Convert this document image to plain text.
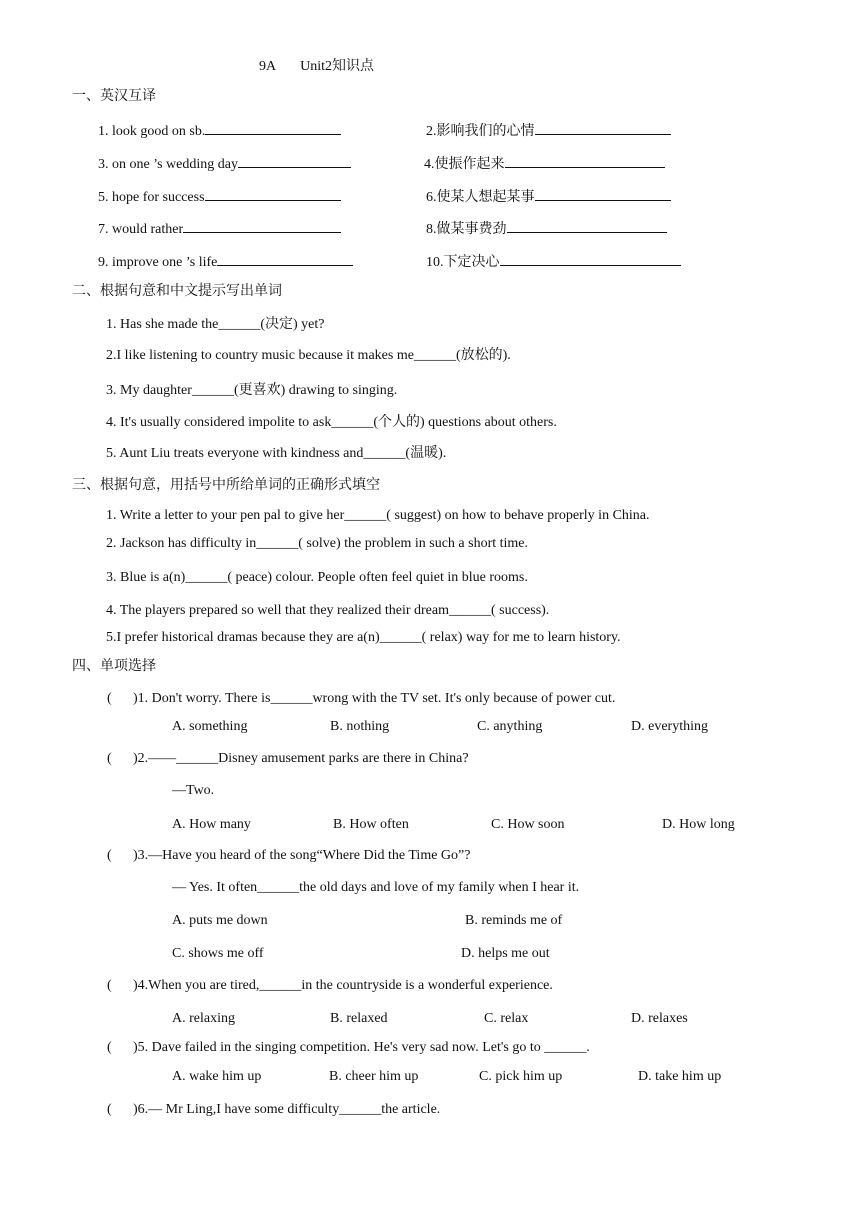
9A Unit2知识点
一、英汉互译
1. look good on sb.	2.影响我们的心情
3. on one ’s wedding day	4.使振作起来
5. hope for success	6.使某人想起某事
7. would rather	8.做某事费劲
9. improve one ’s life	10.下定决心
二、根据句意和中文提示写出单词
1. Has she made the______(决定) yet?
2.I like listening to country music because it makes me______(放松的).
3. My daughter______(更喜欢) drawing to singing.
4. It's usually considered impolite to ask______(个人的) questions about others.
5. Aunt Liu treats everyone with kindness and______(温暖).
三、根据句意，用括号中所给单词的正确形式填空
1. Write a letter to your pen pal to give her______( suggest) on how to behave properly in China.
2. Jackson has difficulty in______( solve) the problem in such a short time.
3. Blue is a(n)______( peace) colour. People often feel quiet in blue rooms.
4. The players prepared so well that they realized their dream______( success).
5.I prefer historical dramas because they are a(n)______( relax) way for me to learn history.
四、单项选择
( )1. Don't worry. There is______wrong with the TV set. It's only because of power cut.
A. something	B. nothing	C. anything	D. everything
( )2.——______Disney amusement parks are there in China?
—Two.
A. How many	B. How often	C. How soon	D. How long
( )3.—Have you heard of the song“Where Did the Time Go”?
— Yes. It often______the old days and love of my family when I hear it.
A. puts me down	B. reminds me of
C. shows me off	D. helps me out
( )4.When you are tired,______in the countryside is a wonderful experience.
A. relaxing	B. relaxed	C. relax	D. relaxes
( )5. Dave failed in the singing competition. He's very sad now. Let's go to ______.
A. wake him up	B. cheer him up	C. pick him up	D. take him up
( )6.— Mr Ling,I have some difficulty______the article.
